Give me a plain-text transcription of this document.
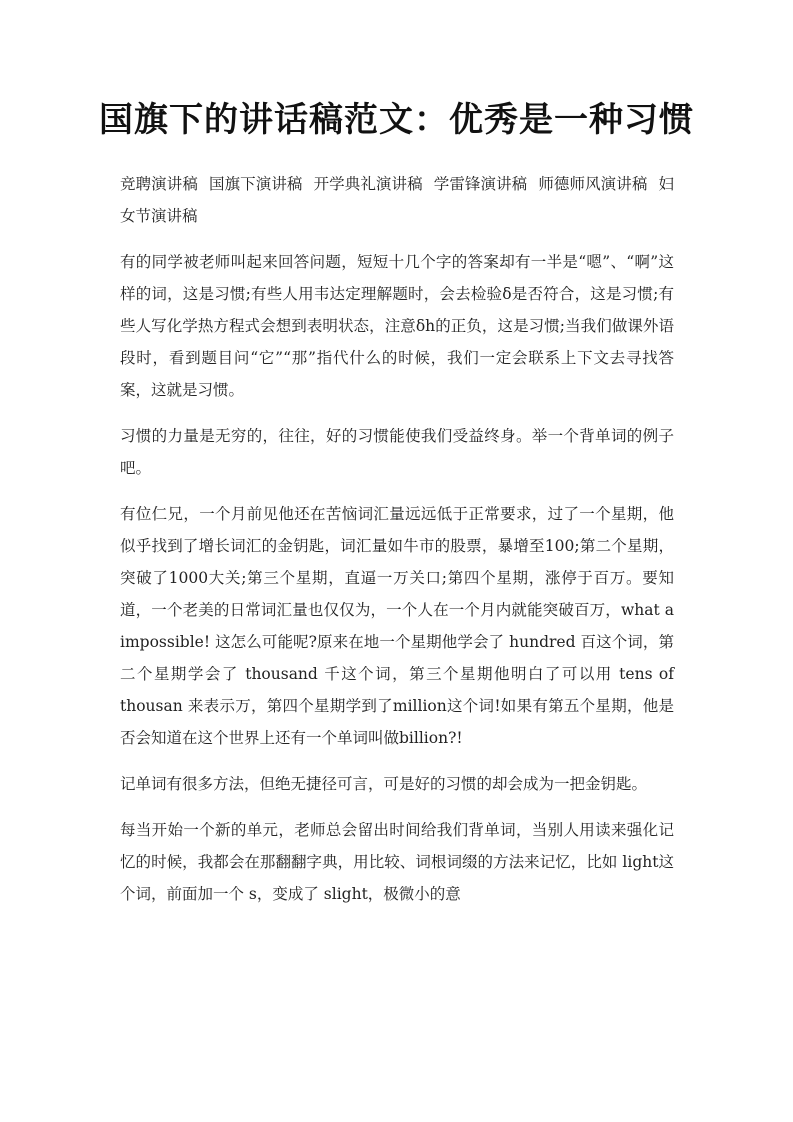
国旗下的讲话稿范文：优秀是一种习惯
竞聘演讲稿 国旗下演讲稿 开学典礼演讲稿 学雷锋演讲稿 师德师风演讲稿 妇女节演讲稿

有的同学被老师叫起来回答问题，短短十几个字的答案却有一半是“嗯”、“啊”这样的词，这是习惯;有些人用韦达定理解题时，会去检验δ是否符合，这是习惯;有些人写化学热方程式会想到表明状态，注意δh的正负，这是习惯;当我们做课外语段时，看到题目问“它”“那”指代什么的时候，我们一定会联系上下文去寻找答案，这就是习惯。

习惯的力量是无穷的，往往，好的习惯能使我们受益终身。举一个背单词的例子吧。

有位仁兄，一个月前见他还在苦恼词汇量远远低于正常要求，过了一个星期，他似乎找到了增长词汇的金钥匙，词汇量如牛市的股票，暴增至100;第二个星期，突破了1000大关;第三个星期，直逼一万关口;第四个星期，涨停于百万。要知道，一个老美的日常词汇量也仅仅为，一个人在一个月内就能突破百万，what a impossible! 这怎么可能呢?原来在地一个星期他学会了 hundred 百这个词，第二个星期学会了 thousand 千这个词，第三个星期他明白了可以用 tens of thousan 来表示万，第四个星期学到了million这个词!如果有第五个星期，他是否会知道在这个世界上还有一个单词叫做billion?!

记单词有很多方法，但绝无捷径可言，可是好的习惯的却会成为一把金钥匙。

每当开始一个新的单元，老师总会留出时间给我们背单词，当别人用读来强化记忆的时候，我都会在那翻翻字典，用比较、词根词缀的方法来记忆，比如 light这个词，前面加一个 s，变成了 slight，极微小的意
